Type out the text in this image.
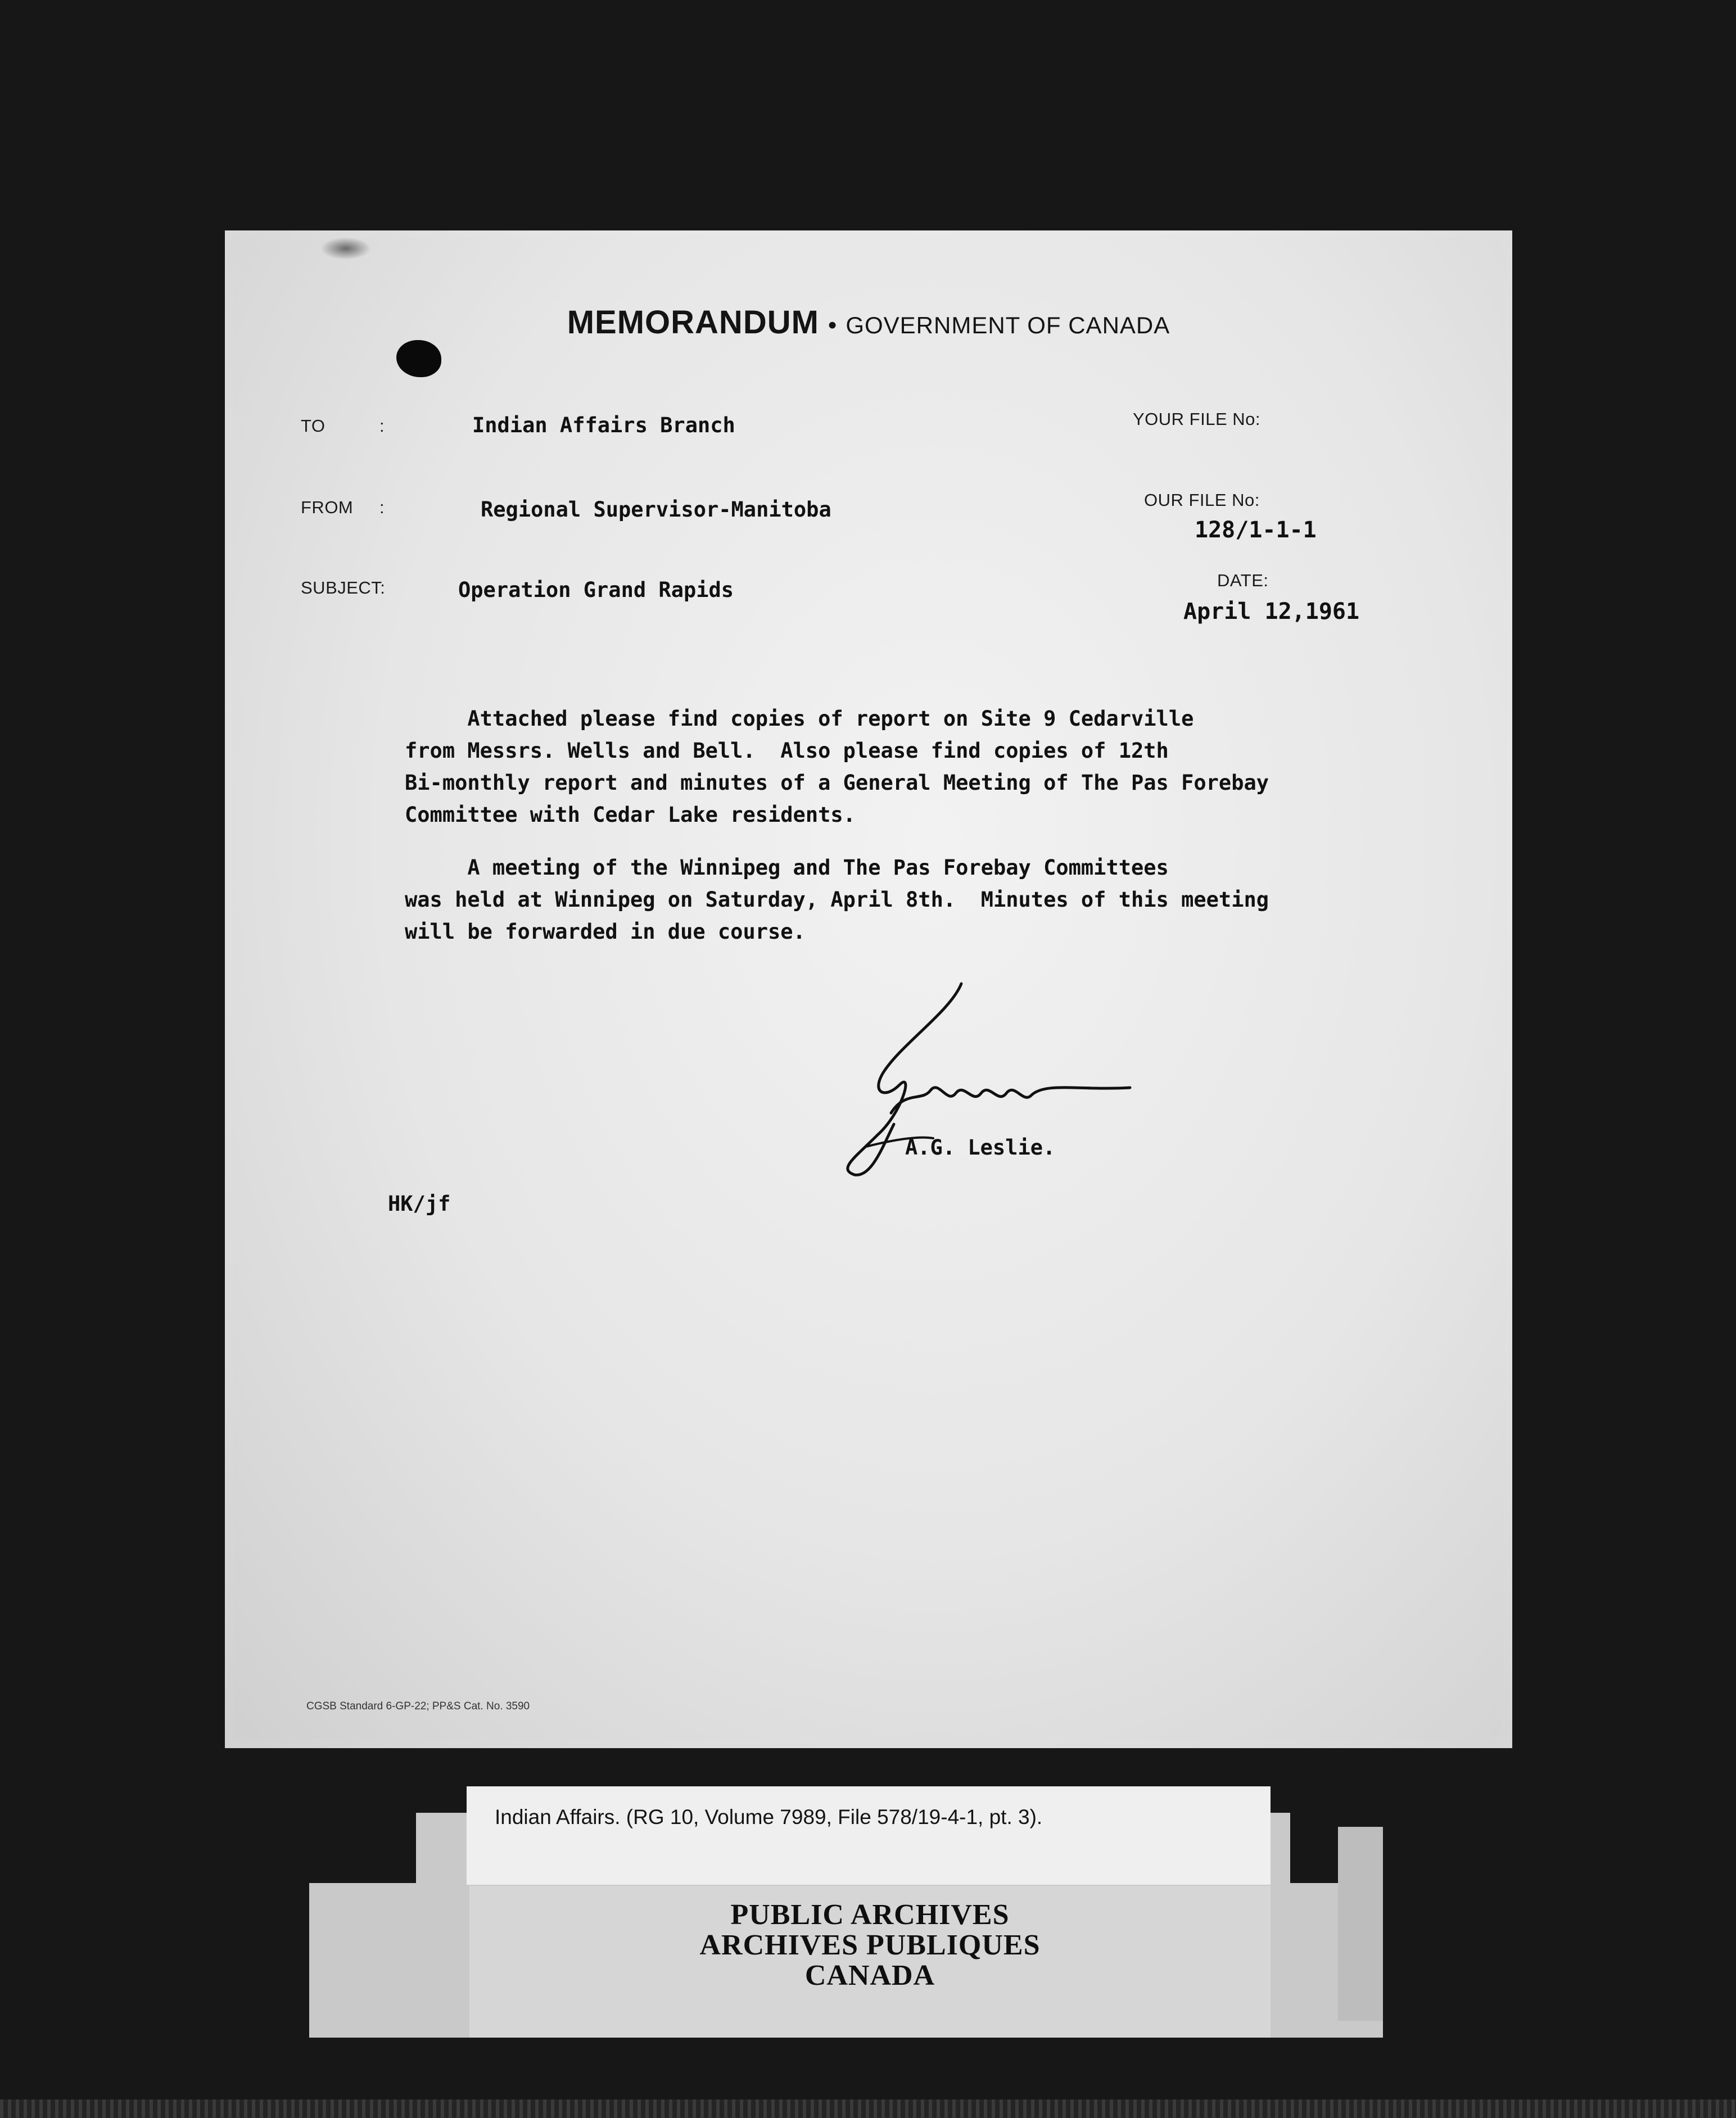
MEMORANDUM • GOVERNMENT OF CANADA
TO	:	Indian Affairs Branch	YOUR FILE No:
FROM :	Regional Supervisor-Manitoba	OUR FILE No:
128/1-1-1
SUBJECT:	Operation Grand Rapids	DATE:
April 12,1961
Attached please find copies of report on Site 9 Cedarville
from Messrs. Wells and Bell.  Also please find copies of 12th
Bi-monthly report and minutes of a General Meeting of The Pas Forebay
Committee with Cedar Lake residents.
A meeting of the Winnipeg and The Pas Forebay Committees
was held at Winnipeg on Saturday, April 8th.  Minutes of this meeting
will be forwarded in due course.
A.G. Leslie.
HK/jf
CGSB Standard 6-GP-22; PP&S Cat. No. 3590
Indian Affairs. (RG 10, Volume 7989, File 578/19-4-1, pt. 3).
PUBLIC ARCHIVES
ARCHIVES PUBLIQUES
CANADA
